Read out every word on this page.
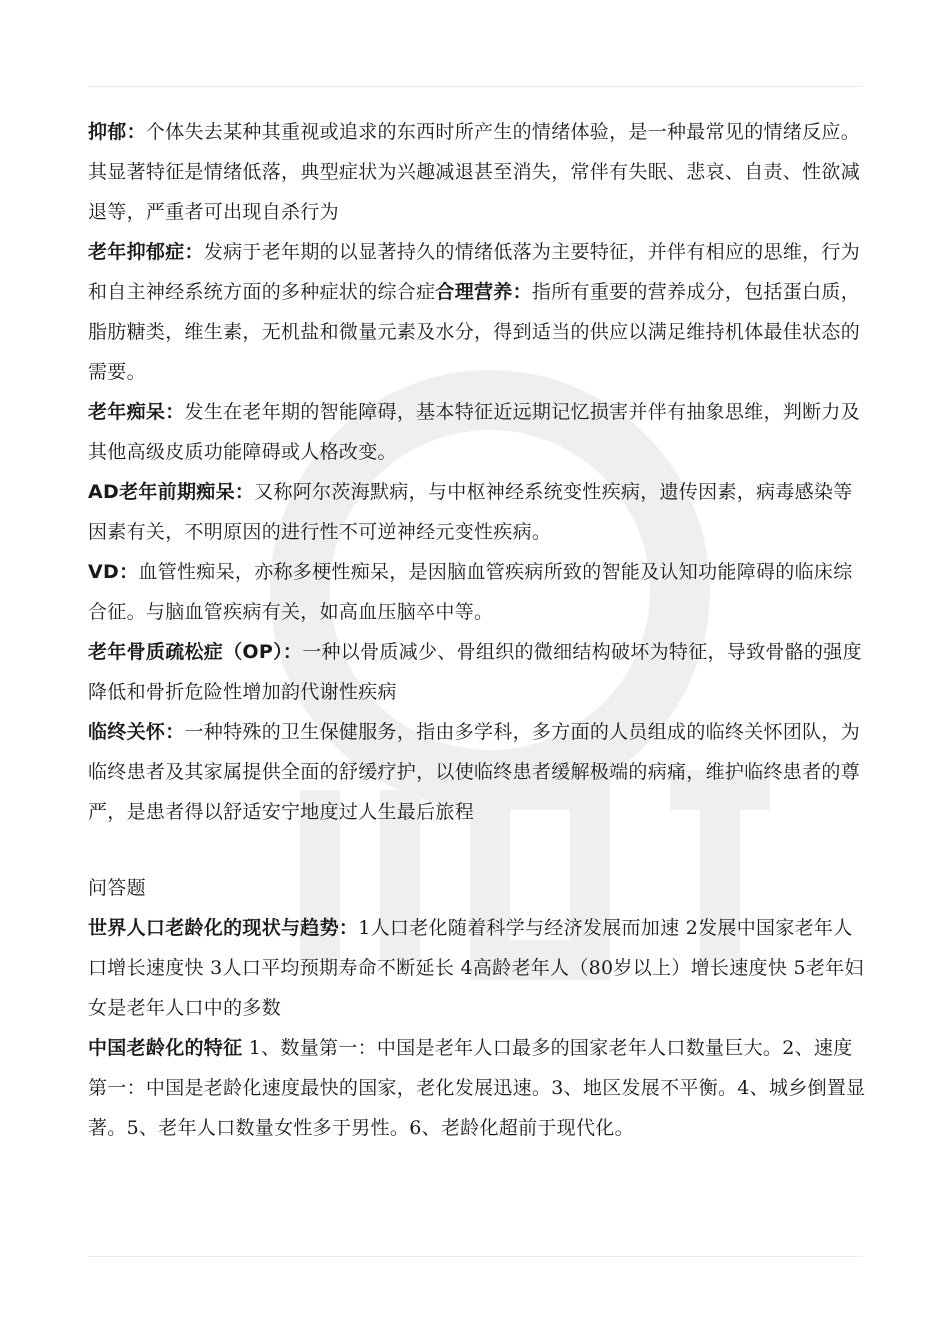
抑郁：个体失去某种其重视或追求的东西时所产生的情绪体验，是一种最常见的情绪反应。其显著特征是情绪低落，典型症状为兴趣减退甚至消失，常伴有失眠、悲哀、自责、性欲减退等，严重者可出现自杀行为

老年抑郁症：发病于老年期的以显著持久的情绪低落为主要特征，并伴有相应的思维，行为和自主神经系统方面的多种症状的综合症合理营养：指所有重要的营养成分，包括蛋白质，脂肪糖类，维生素，无机盐和微量元素及水分，得到适当的供应以满足维持机体最佳状态的需要。

老年痴呆：发生在老年期的智能障碍，基本特征近远期记忆损害并伴有抽象思维，判断力及其他高级皮质功能障碍或人格改变。

AD老年前期痴呆：又称阿尔茨海默病，与中枢神经系统变性疾病，遗传因素，病毒感染等因素有关，不明原因的进行性不可逆神经元变性疾病。

VD：血管性痴呆，亦称多梗性痴呆，是因脑血管疾病所致的智能及认知功能障碍的临床综合征。与脑血管疾病有关，如高血压脑卒中等。

老年骨质疏松症（OP）：一种以骨质减少、骨组织的微细结构破坏为特征，导致骨骼的强度降低和骨折危险性增加韵代谢性疾病

临终关怀：一种特殊的卫生保健服务，指由多学科，多方面的人员组成的临终关怀团队，为临终患者及其家属提供全面的舒缓疗护，以使临终患者缓解极端的病痛，维护临终患者的尊严，是患者得以舒适安宁地度过人生最后旅程

问答题

世界人口老龄化的现状与趋势：1人口老化随着科学与经济发展而加速 2发展中国家老年人口增长速度快 3人口平均预期寿命不断延长 4高龄老年人（80岁以上）增长速度快 5老年妇女是老年人口中的多数

中国老龄化的特征 1、数量第一：中国是老年人口最多的国家老年人口数量巨大。2、速度第一：中国是老龄化速度最快的国家，老化发展迅速。3、地区发展不平衡。4、城乡倒置显著。5、老年人口数量女性多于男性。6、老龄化超前于现代化。
